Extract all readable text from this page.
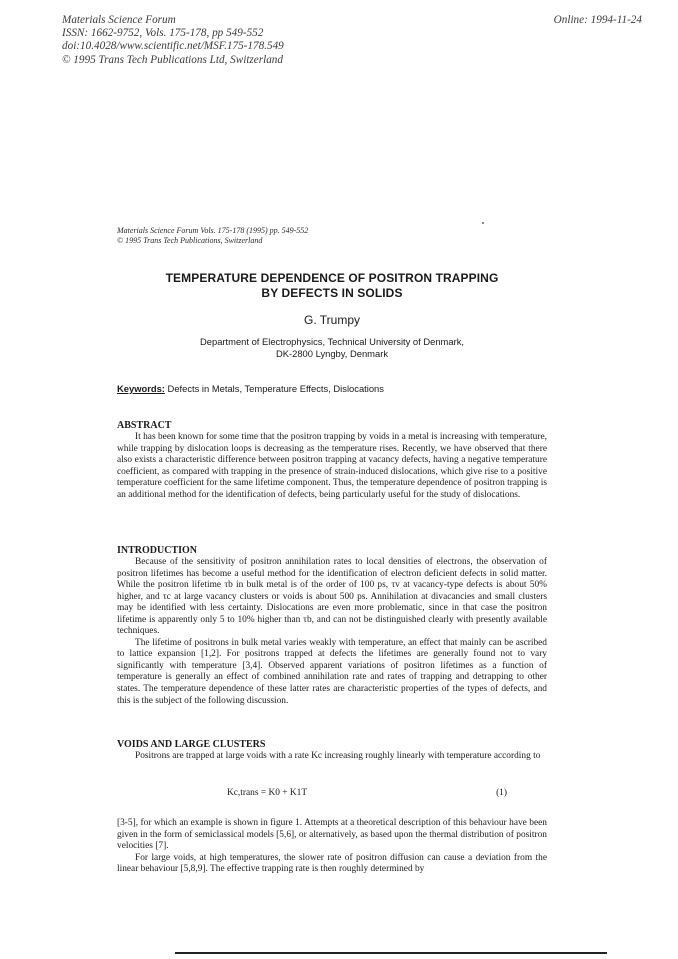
Materials Science Forum
ISSN: 1662-9752, Vols. 175-178, pp 549-552
doi:10.4028/www.scientific.net/MSF.175-178.549
© 1995 Trans Tech Publications Ltd, Switzerland
Online: 1994-11-24
Materials Science Forum Vols. 175-178 (1995) pp. 549-552
© 1995 Trans Tech Publications, Switzerland
TEMPERATURE DEPENDENCE OF POSITRON TRAPPING
BY DEFECTS IN SOLIDS
G. Trumpy
Department of Electrophysics, Technical University of Denmark,
DK-2800 Lyngby, Denmark
Keywords: Defects in Metals, Temperature Effects, Dislocations
ABSTRACT

It has been known for some time that the positron trapping by voids in a metal is increasing with temperature, while trapping by dislocation loops is decreasing as the temperature rises. Recently, we have observed that there also exists a characteristic difference between positron trapping at vacancy defects, having a negative temperature coefficient, as compared with trapping in the presence of strain-induced dislocations, which give rise to a positive temperature coefficient for the same lifetime component. Thus, the temperature dependence of positron trapping is an additional method for the identification of defects, being particularly useful for the study of dislocations.

INTRODUCTION

Because of the sensitivity of positron annihilation rates to local densities of electrons, the observation of positron lifetimes has become a useful method for the identification of electron deficient defects in solid matter. While the positron lifetime τb in bulk metal is of the order of 100 ps, τv at vacancy-type defects is about 50% higher, and τc at large vacancy clusters or voids is about 500 ps. Annihilation at divacancies and small clusters may be identified with less certainty. Dislocations are even more problematic, since in that case the positron lifetime is apparently only 5 to 10% higher than τb, and can not be distinguished clearly with presently available techniques.

The lifetime of positrons in bulk metal varies weakly with temperature, an effect that mainly can be ascribed to lattice expansion [1,2]. For positrons trapped at defects the lifetimes are generally found not to vary significantly with temperature [3,4]. Observed apparent variations of positron lifetimes as a function of temperature is generally an effect of combined annihilation rate and rates of trapping and detrapping to other states. The temperature dependence of these latter rates are characteristic properties of the types of defects, and this is the subject of the following discussion.

VOIDS AND LARGE CLUSTERS

Positrons are trapped at large voids with a rate Kc increasing roughly linearly with temperature according to

Kc,trans = K0 + K1T	(1)

[3-5], for which an example is shown in figure 1. Attempts at a theoretical description of this behaviour have been given in the form of semiclassical models [5,6], or alternatively, as based upon the thermal distribution of positron velocities [7].

For large voids, at high temperatures, the slower rate of positron diffusion can cause a deviation from the linear behaviour [5,8,9]. The effective trapping rate is then roughly determined by
